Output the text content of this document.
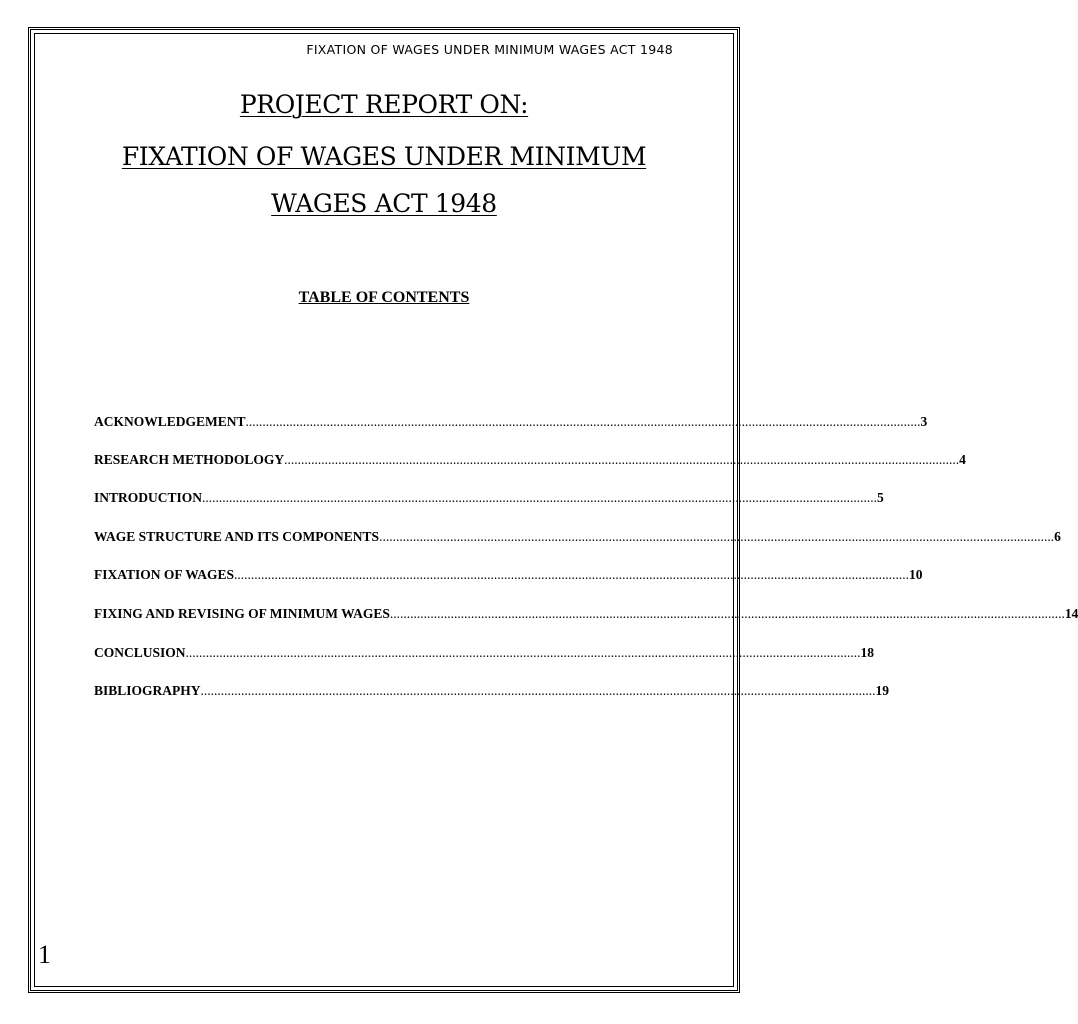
FIXATION OF WAGES UNDER MINIMUM WAGES ACT 1948
PROJECT REPORT ON:
FIXATION OF WAGES UNDER MINIMUM
WAGES ACT 1948
TABLE OF CONTENTS
ACKNOWLEDGEMENT ........................................................................................................................................................................................................ 3
RESEARCH METHODOLOGY ........................................................................................................................................................................................................ 4
INTRODUCTION ........................................................................................................................................................................................................ 5
WAGE STRUCTURE AND ITS COMPONENTS ........................................................................................................................................................................................................ 6
FIXATION OF WAGES ........................................................................................................................................................................................................ 10
FIXING AND REVISING OF MINIMUM WAGES ........................................................................................................................................................................................................ 14
CONCLUSION ........................................................................................................................................................................................................ 18
BIBLIOGRAPHY ........................................................................................................................................................................................................ 19
1
